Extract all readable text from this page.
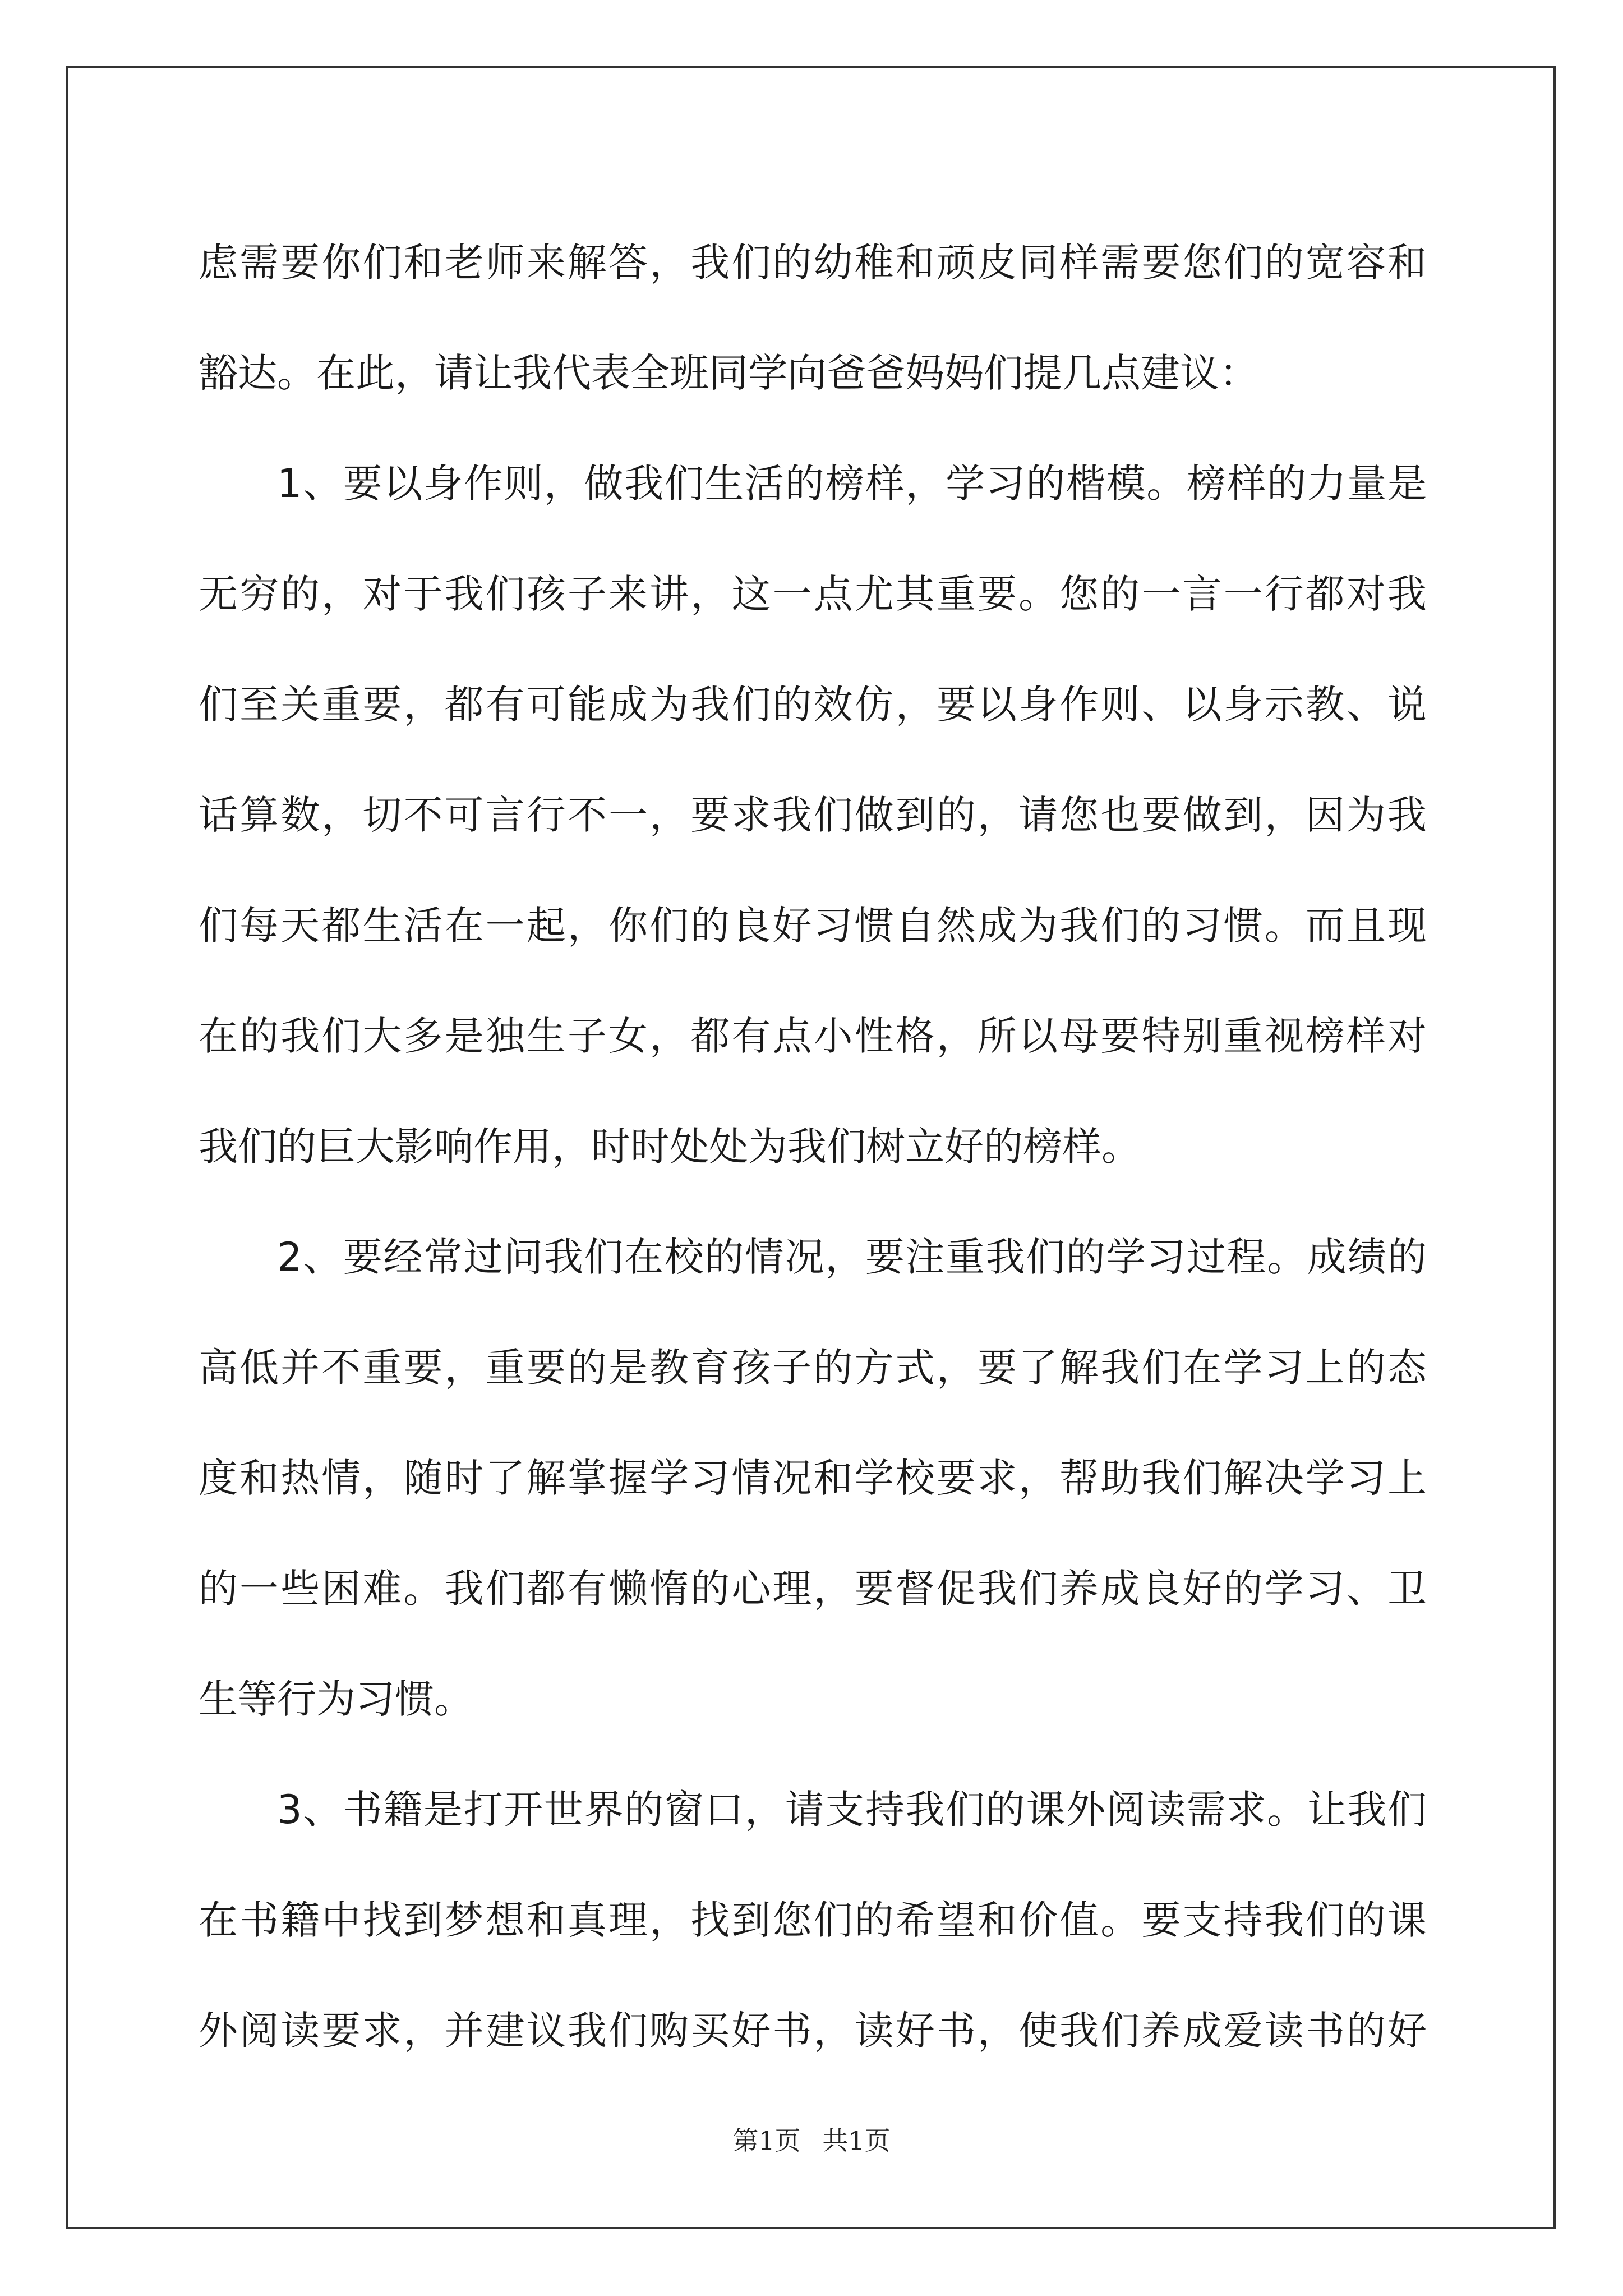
虑需要你们和老师来解答，我们的幼稚和顽皮同样需要您们的宽容和

豁达。在此，请让我代表全班同学向爸爸妈妈们提几点建议：

1、要以身作则，做我们生活的榜样，学习的楷模。榜样的力量是

无穷的，对于我们孩子来讲，这一点尤其重要。您的一言一行都对我

们至关重要，都有可能成为我们的效仿，要以身作则、以身示教、说

话算数，切不可言行不一，要求我们做到的，请您也要做到，因为我

们每天都生活在一起，你们的良好习惯自然成为我们的习惯。而且现

在的我们大多是独生子女，都有点小性格，所以母要特别重视榜样对

我们的巨大影响作用，时时处处为我们树立好的榜样。

2、要经常过问我们在校的情况，要注重我们的学习过程。成绩的

高低并不重要，重要的是教育孩子的方式，要了解我们在学习上的态

度和热情，随时了解掌握学习情况和学校要求，帮助我们解决学习上

的一些困难。我们都有懒惰的心理，要督促我们养成良好的学习、卫

生等行为习惯。

3、书籍是打开世界的窗口，请支持我们的课外阅读需求。让我们

在书籍中找到梦想和真理，找到您们的希望和价值。要支持我们的课

外阅读要求，并建议我们购买好书，读好书，使我们养成爱读书的好

第1页 共1页
